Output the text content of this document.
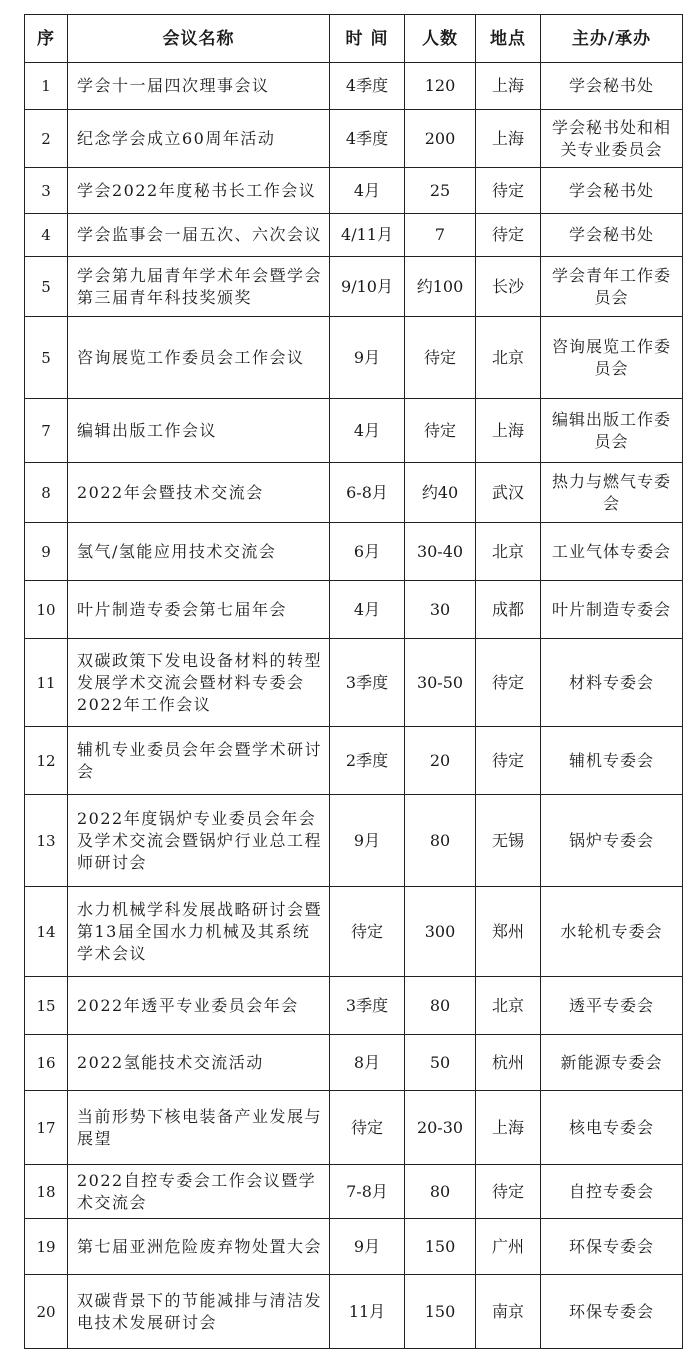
序	会议名称	时 间	人数	地点	主办/承办
1	学会十一届四次理事会议	4季度	120	上海	学会秘书处
2	纪念学会成立60周年活动	4季度	200	上海	学会秘书处和相关专业委员会
3	学会2022年度秘书长工作会议	4月	25	待定	学会秘书处
4	学会监事会一届五次、六次会议	4/11月	7	待定	学会秘书处
5	学会第九届青年学术年会暨学会第三届青年科技奖颁奖	9/10月	约100	长沙	学会青年工作委员会
5	咨询展览工作委员会工作会议	9月	待定	北京	咨询展览工作委员会
7	编辑出版工作会议	4月	待定	上海	编辑出版工作委员会
8	2022年会暨技术交流会	6-8月	约40	武汉	热力与燃气专委会
9	氢气/氢能应用技术交流会	6月	30-40	北京	工业气体专委会
10	叶片制造专委会第七届年会	4月	30	成都	叶片制造专委会
11	双碳政策下发电设备材料的转型发展学术交流会暨材料专委会2022年工作会议	3季度	30-50	待定	材料专委会
12	辅机专业委员会年会暨学术研讨会	2季度	20	待定	辅机专委会
13	2022年度锅炉专业委员会年会及学术交流会暨锅炉行业总工程师研讨会	9月	80	无锡	锅炉专委会
14	水力机械学科发展战略研讨会暨第13届全国水力机械及其系统学术会议	待定	300	郑州	水轮机专委会
15	2022年透平专业委员会年会	3季度	80	北京	透平专委会
16	2022氢能技术交流活动	8月	50	杭州	新能源专委会
17	当前形势下核电装备产业发展与展望	待定	20-30	上海	核电专委会
18	2022自控专委会工作会议暨学术交流会	7-8月	80	待定	自控专委会
19	第七届亚洲危险废弃物处置大会	9月	150	广州	环保专委会
20	双碳背景下的节能减排与清洁发电技术发展研讨会	11月	150	南京	环保专委会
